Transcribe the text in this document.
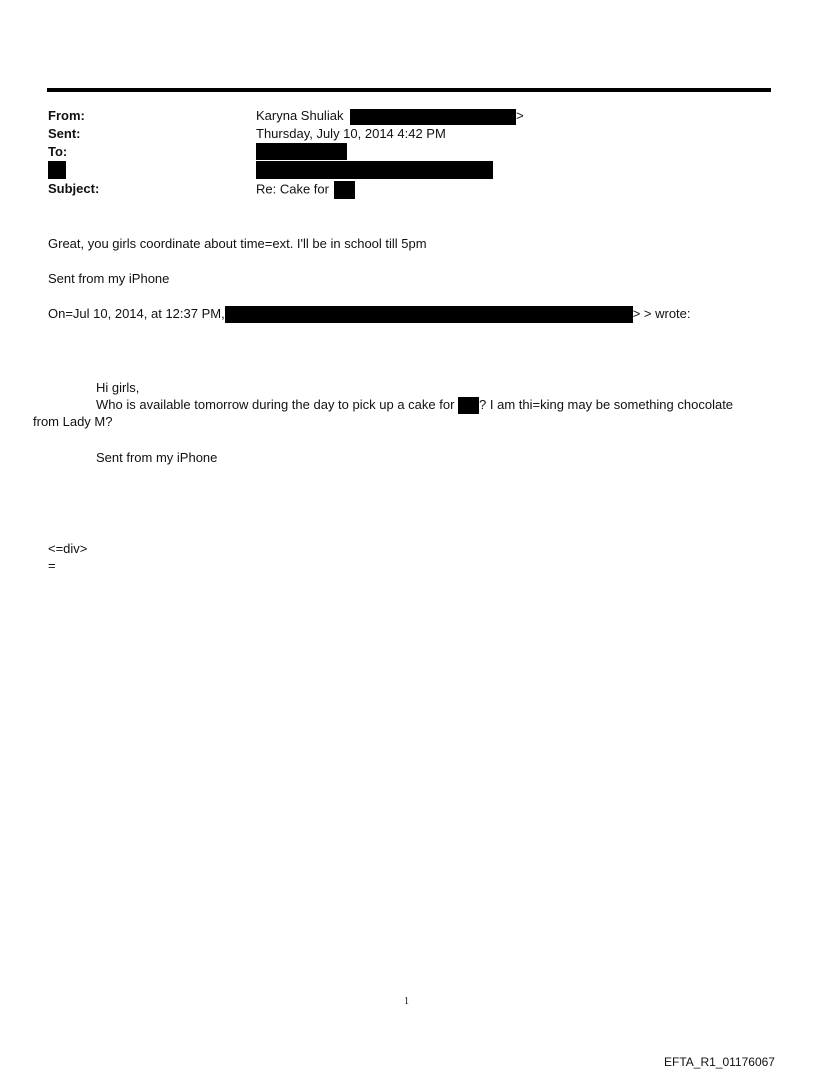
From:	Karyna Shuliak	>
Sent:	Thursday, July 10, 2014 4:42 PM
To:
Subject:	Re: Cake for
Great, you girls coordinate about time=ext. I'll be in school till 5pm
Sent from my iPhone
On=Jul 10, 2014, at 12:37 PM,	> > wrote:
Hi girls,
Who is available tomorrow during the day to pick up a cake for ? I am thi=king may be something chocolate
from Lady M?
Sent from my iPhone
<=div>
=
1
EFTA_R1_01176067
